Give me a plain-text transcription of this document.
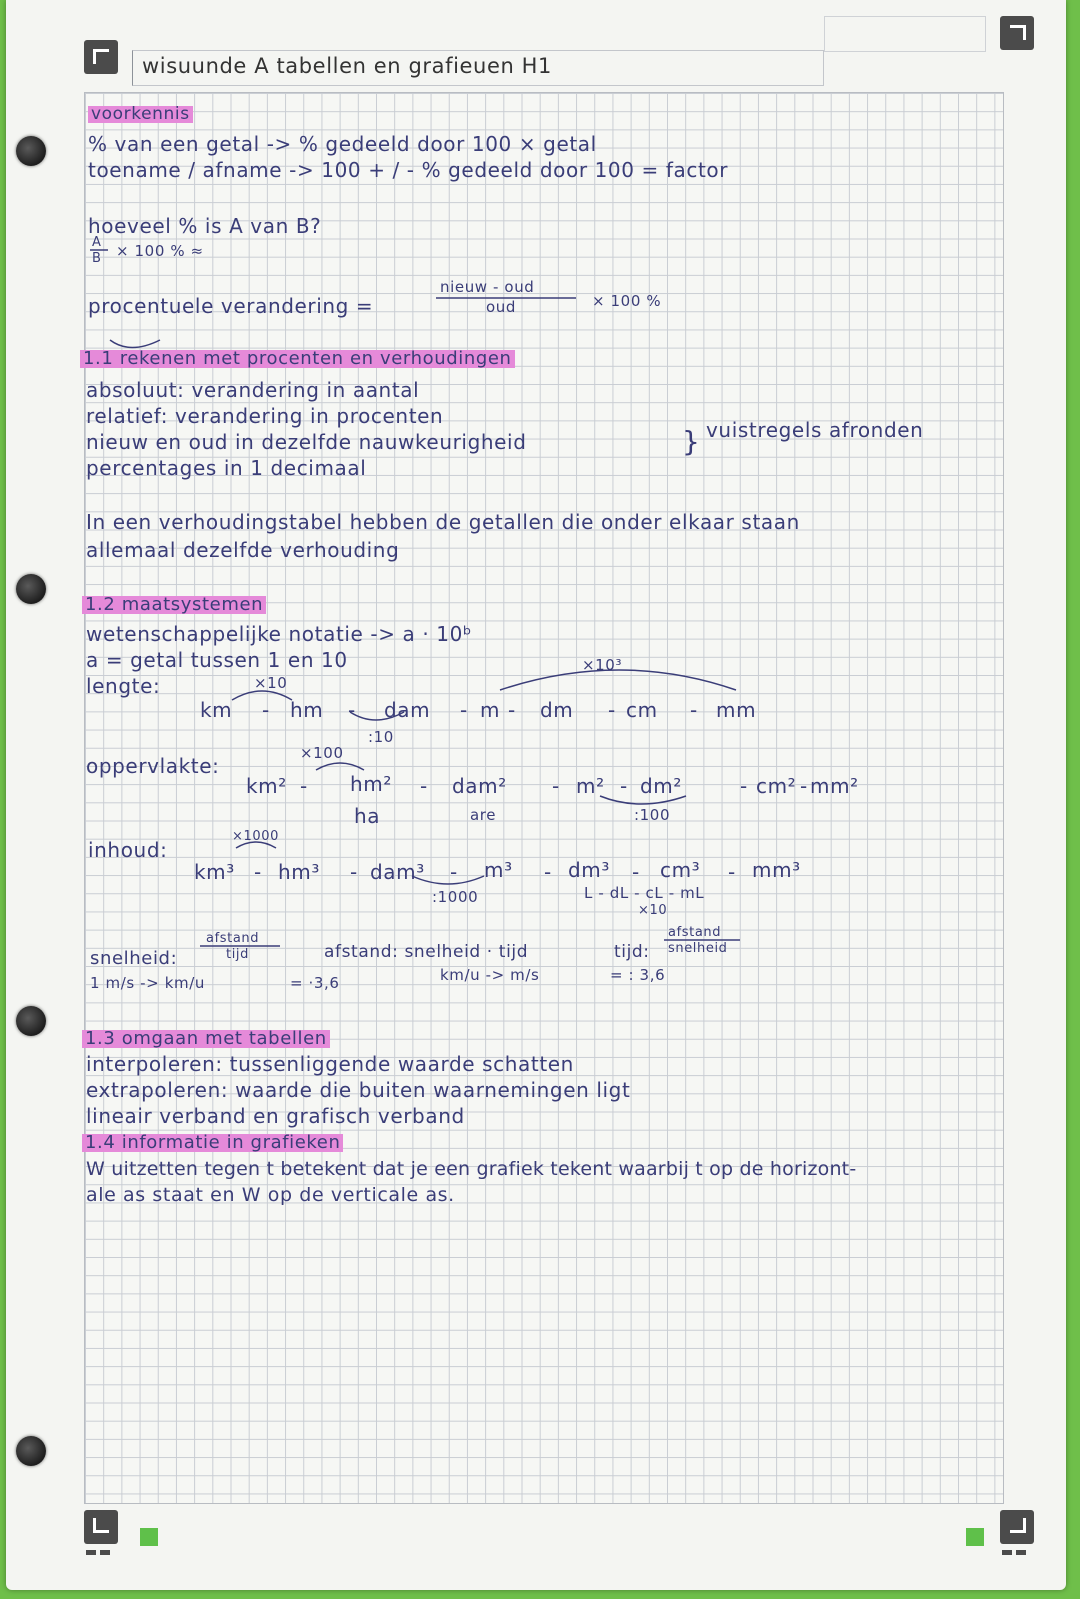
wisuunde A tabellen en grafieuen H1
voorkennis
% van een getal -> % gedeeld door 100 × getal
toename / afname -> 100 + / - % gedeeld door 100 = factor
hoeveel % is A van B?
A
B × 100 % ≈
procentuele verandering =
nieuw - oud
oud	× 100 %
1.1 rekenen met procenten en verhoudingen
absoluut: verandering in aantal
relatief: verandering in procenten
nieuw en oud in dezelfde nauwkeurigheid	} vuistregels afronden
percentages in 1 decimaal
In een verhoudingstabel hebben de getallen die onder elkaar staan
allemaal dezelfde verhouding
1.2 maatsystemen
wetenschappelijke notatie -> a · 10ᵇ
a = getal tussen 1 en 10
lengte:	×10
:10
×10³
km - hm - dam - m - dm - cm - mm
oppervlakte:
×100
:100
km² - hm² - dam² - m² - dm²	- cm² - mm²
ha	are
inhoud:
×1000
:1000
km³ - hm³ - dam³ - m³ - dm³ - cm³ - mm³
L - dL - cL - mL
×10
snelheid:
afstand
tijd
1 m/s -> km/u	= ·3,6
afstand: snelheid · tijd
km/u -> m/s	= : 3,6
tijd:
afstand
snelheid
1.3 omgaan met tabellen
interpoleren: tussenliggende waarde schatten
extrapoleren: waarde die buiten waarnemingen ligt
lineair verband en grafisch verband
1.4 informatie in grafieken
W uitzetten tegen t betekent dat je een grafiek tekent waarbij t op de horizont-
ale as staat en W op de verticale as.
